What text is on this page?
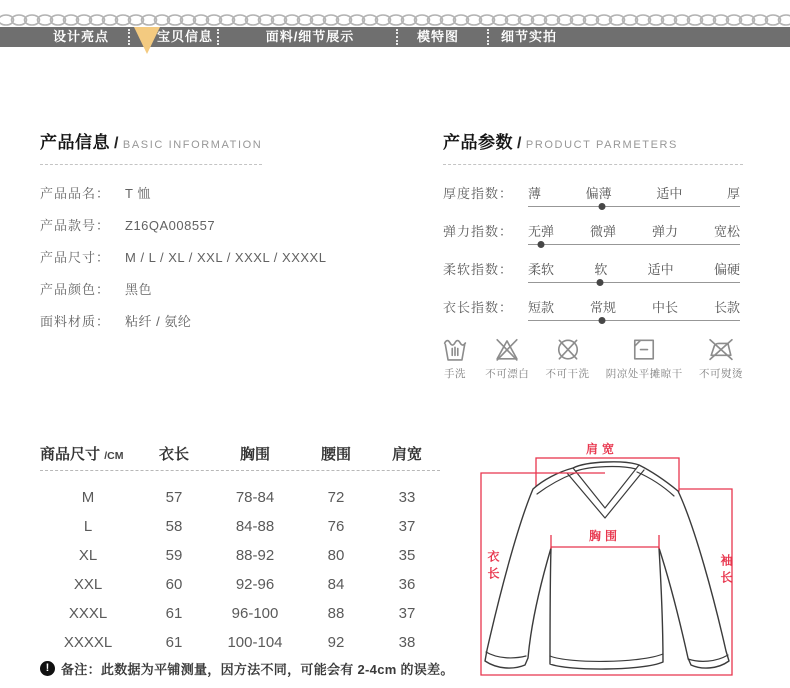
设计亮点	宝贝信息	面料/细节展示	模特图	细节实拍
产品信息 / BASIC INFORMATION
产品品名： T 恤
产品款号： Z16QA008557
产品尺寸： M / L / XL / XXL / XXXL / XXXXL
产品颜色： 黑色
面料材质： 粘纤 / 氨纶
产品参数 / PRODUCT PARMETERS
厚度指数：	薄	偏薄	适中	厚
弹力指数：	无弹	微弹	弹力	宽松
柔软指数：	柔软	软	适中	偏硬
衣长指数：	短款	常规	中长	长款
手洗 不可漂白 不可干洗 阴凉处平摊晾干 不可熨烫
商品尺寸 /CM	衣长	胸围	腰围	肩宽
M	57	78-84	72	33
L	58	84-88	76	37
XL	59	88-92	80	35
XXL	60	92-96	84	36
XXXL	61	96-100	88	37
XXXXL	61	100-104	92	38
! 备注：此数据为平铺测量，因方法不同，可能会有 2-4cm 的误差。
肩宽
胸围
衣长	袖长
